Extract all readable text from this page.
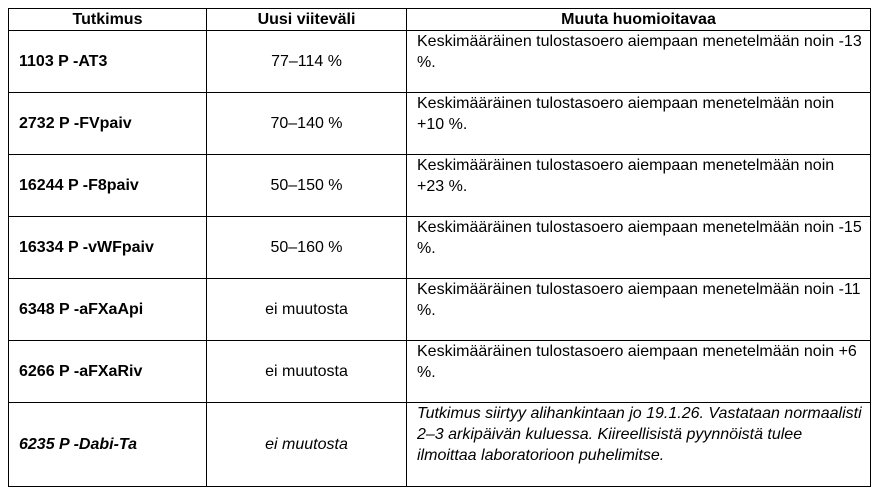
Tutkimus	Uusi viiteväli	Muuta huomioitavaa
1103 P -AT3	77–114 %	Keskimääräinen tulostasoero aiempaan menetelmään noin -13 %.
2732 P -FVpaiv	70–140 %	Keskimääräinen tulostasoero aiempaan menetelmään noin +10 %.
16244 P -F8paiv	50–150 %	Keskimääräinen tulostasoero aiempaan menetelmään noin +23 %.
16334 P -vWFpaiv	50–160 %	Keskimääräinen tulostasoero aiempaan menetelmään noin -15 %.
6348 P -aFXaApi	ei muutosta	Keskimääräinen tulostasoero aiempaan menetelmään noin -11 %.
6266 P -aFXaRiv	ei muutosta	Keskimääräinen tulostasoero aiempaan menetelmään noin +6 %.
6235 P -Dabi-Ta	ei muutosta	Tutkimus siirtyy alihankintaan jo 19.1.26. Vastataan normaalisti 2–3 arkipäivän kuluessa. Kiireellisistä pyynnöistä tulee ilmoittaa laboratorioon puhelimitse.
